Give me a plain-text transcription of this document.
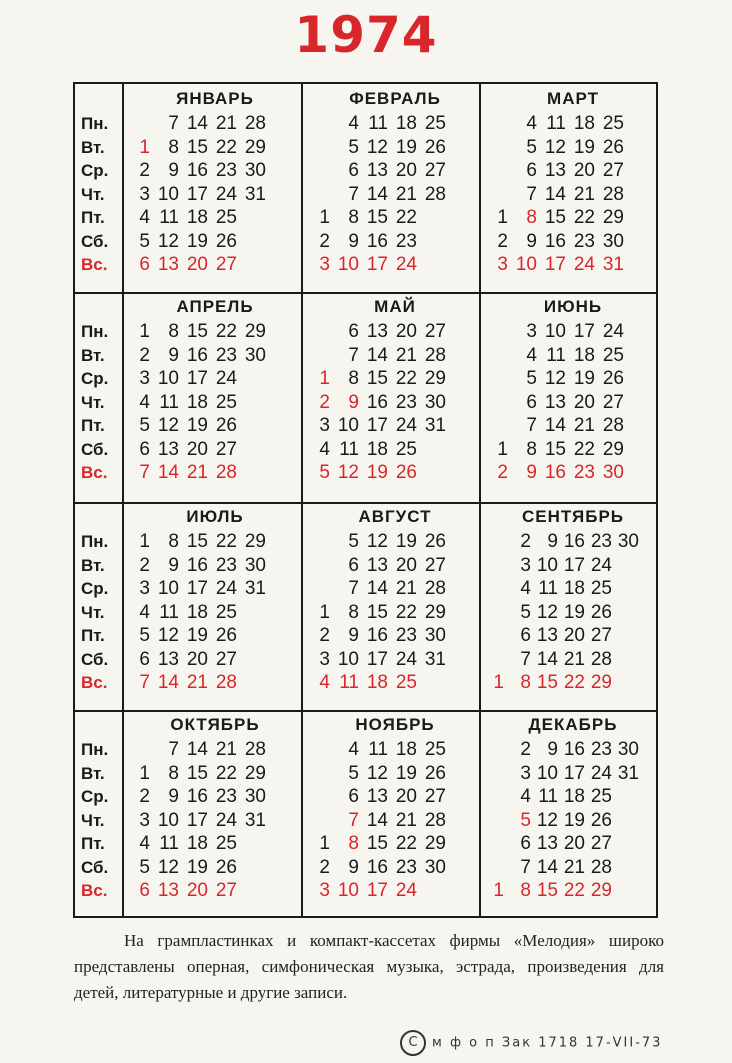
1974
Пн.
Вт.
Ср.
Чт.
Пт.
Сб.
Вс.
ЯНВАРЬ
7 14 21 28
1 8 15 22 29
2 9 16 23 30
3 10 17 24 31
4 11 18 25
5 12 19 26
6 13 20 27
ФЕВРАЛЬ
4 11 18 25
5 12 19 26
6 13 20 27
7 14 21 28
1 8 15 22
2 9 16 23
3 10 17 24
МАРТ
4 11 18 25
5 12 19 26
6 13 20 27
7 14 21 28
1 8 15 22 29
2 9 16 23 30
3 10 17 24 31
Пн.
Вт.
Ср.
Чт.
Пт.
Сб.
Вс.
АПРЕЛЬ
1 8 15 22 29
2 9 16 23 30
3 10 17 24
4 11 18 25
5 12 19 26
6 13 20 27
7 14 21 28
МАЙ
6 13 20 27
7 14 21 28
1 8 15 22 29
2 9 16 23 30
3 10 17 24 31
4 11 18 25
5 12 19 26
ИЮНЬ
3 10 17 24
4 11 18 25
5 12 19 26
6 13 20 27
7 14 21 28
1 8 15 22 29
2 9 16 23 30
Пн.
Вт.
Ср.
Чт.
Пт.
Сб.
Вс.
ИЮЛЬ
1 8 15 22 29
2 9 16 23 30
3 10 17 24 31
4 11 18 25
5 12 19 26
6 13 20 27
7 14 21 28
АВГУСТ
5 12 19 26
6 13 20 27
7 14 21 28
1 8 15 22 29
2 9 16 23 30
3 10 17 24 31
4 11 18 25
СЕНТЯБРЬ
2 9 16 23 30
3 10 17 24
4 11 18 25
5 12 19 26
6 13 20 27
7 14 21 28
1 8 15 22 29
Пн.
Вт.
Ср.
Чт.
Пт.
Сб.
Вс.
ОКТЯБРЬ
7 14 21 28
1 8 15 22 29
2 9 16 23 30
3 10 17 24 31
4 11 18 25
5 12 19 26
6 13 20 27
НОЯБРЬ
4 11 18 25
5 12 19 26
6 13 20 27
7 14 21 28
1 8 15 22 29
2 9 16 23 30
3 10 17 24
ДЕКАБРЬ
2 9 16 23 30
3 10 17 24 31
4 11 18 25
5 12 19 26
6 13 20 27
7 14 21 28
1 8 15 22 29
На грампластинках и компакт-кассетах фирмы «Мелодия» широко представлены оперная, симфоническая музыка, эстрада, произведения для детей, литературные и другие записи.
C м ф о п Зак 1718 17-VII-73
